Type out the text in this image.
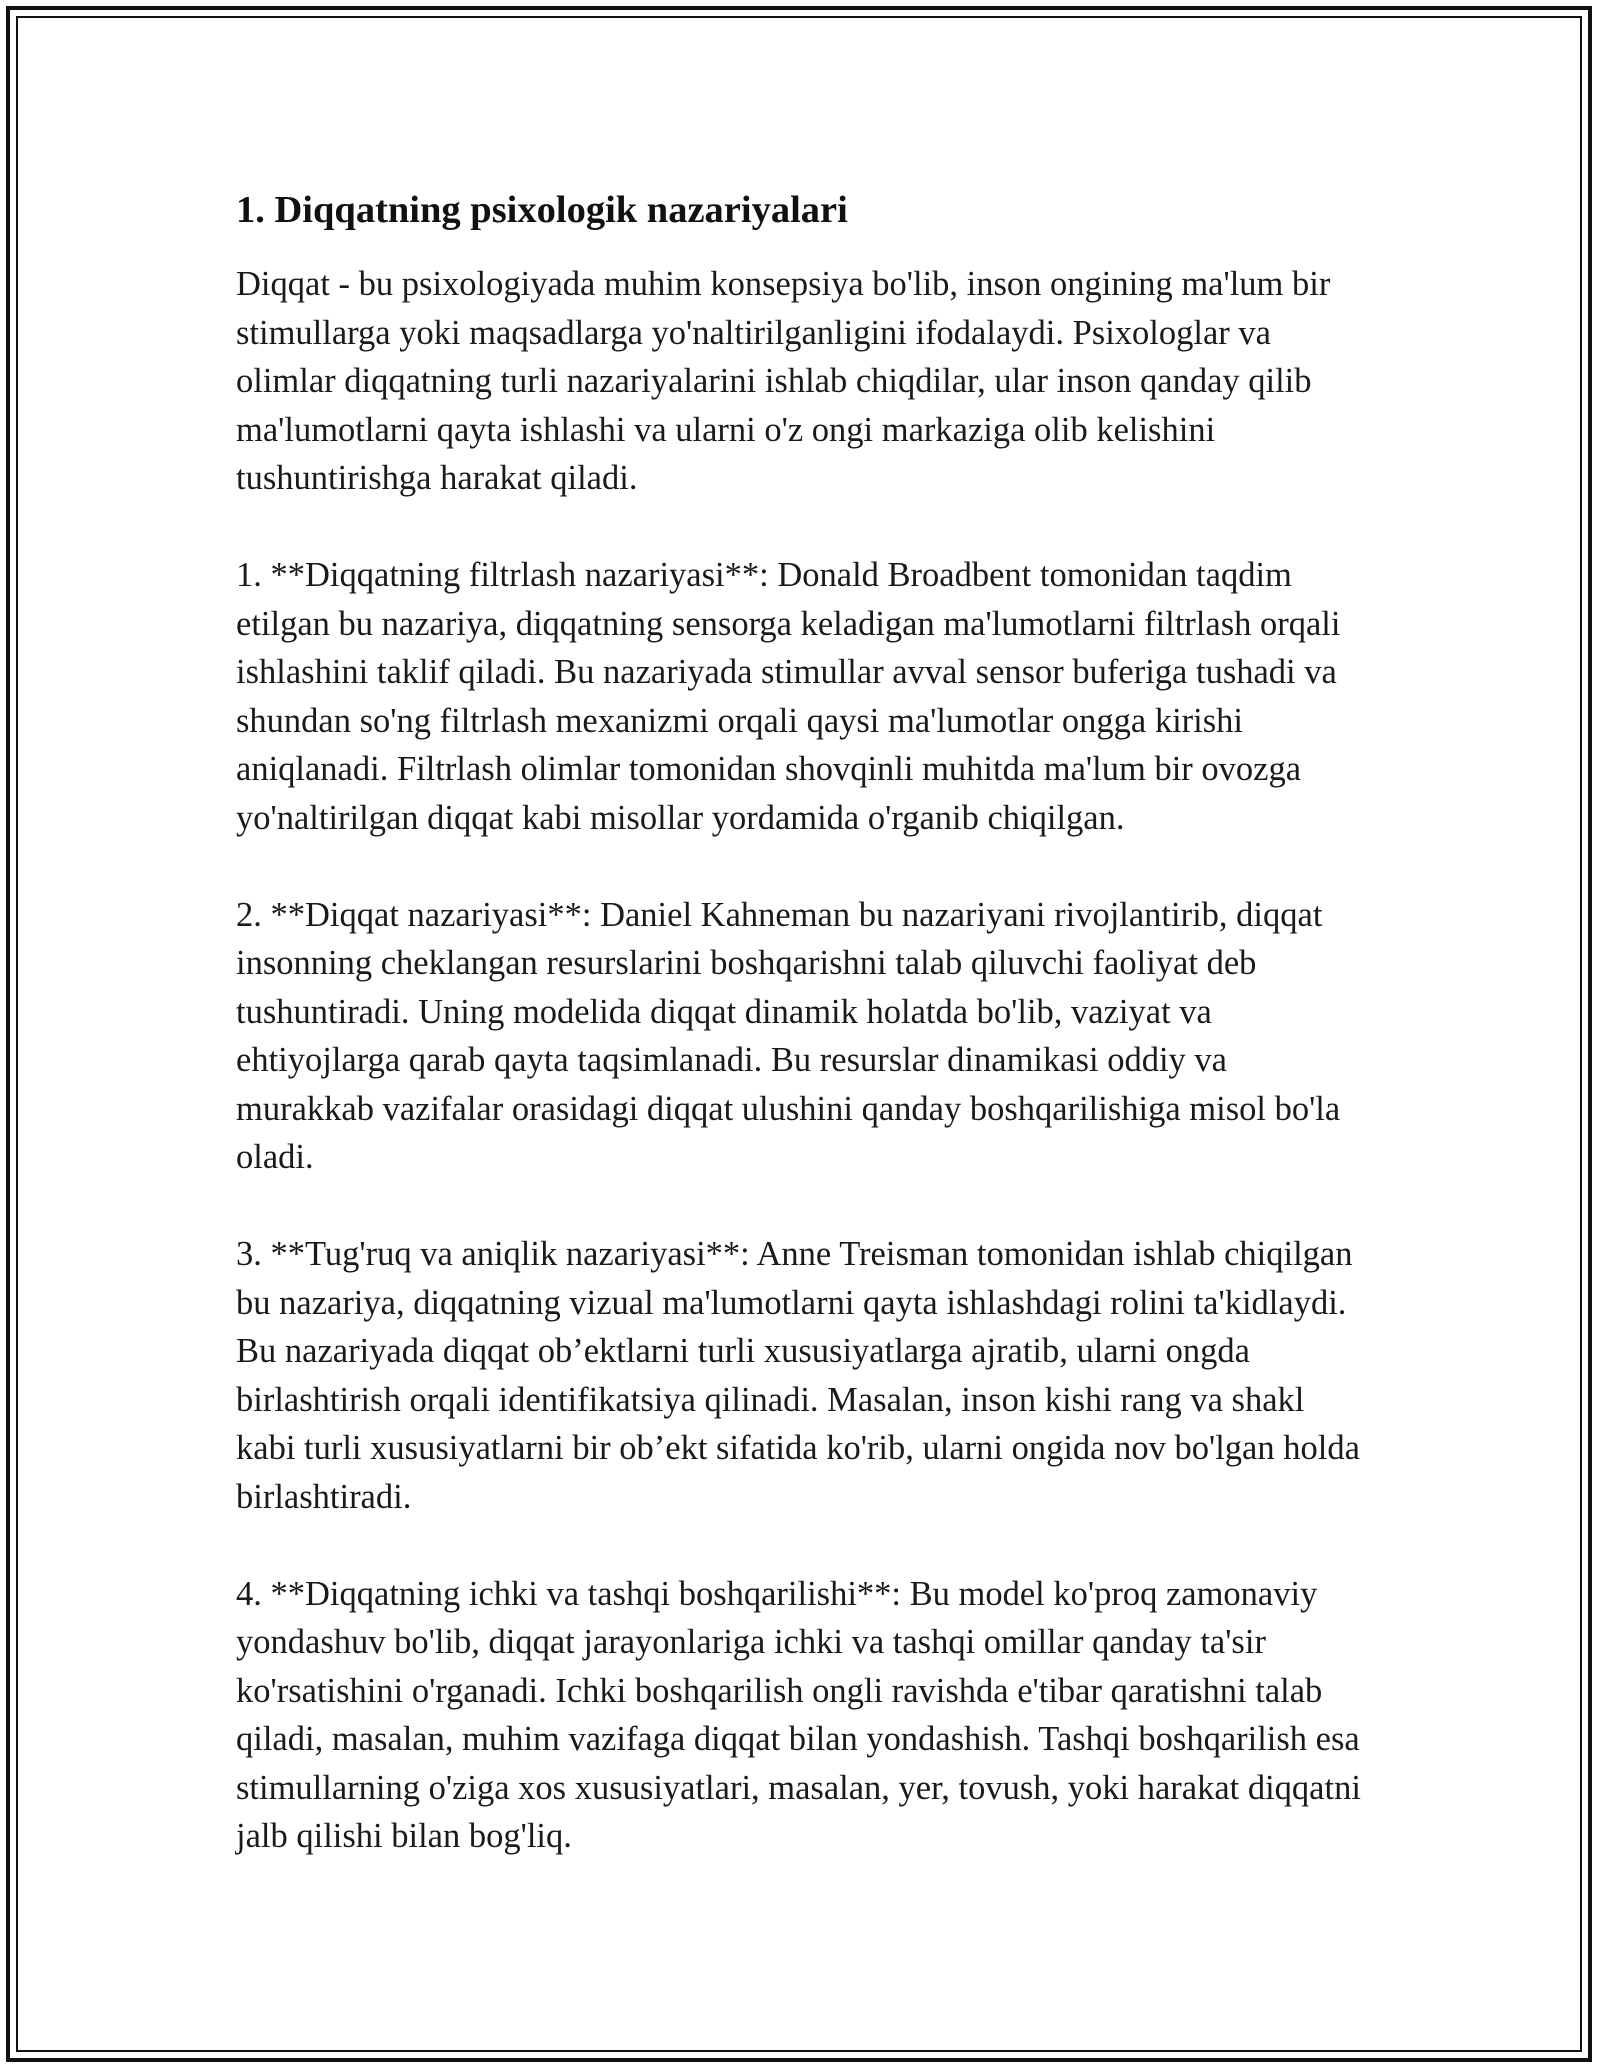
1. Diqqatning psixologik nazariyalari

Diqqat - bu psixologiyada muhim konsepsiya bo'lib, inson ongining ma'lum bir stimullarga yoki maqsadlarga yo'naltirilganligini ifodalaydi. Psixologlar va olimlar diqqatning turli nazariyalarini ishlab chiqdilar, ular inson qanday qilib ma'lumotlarni qayta ishlashi va ularni o'z ongi markaziga olib kelishini tushuntirishga harakat qiladi.

1. **Diqqatning filtrlash nazariyasi**: Donald Broadbent tomonidan taqdim etilgan bu nazariya, diqqatning sensorga keladigan ma'lumotlarni filtrlash orqali ishlashini taklif qiladi. Bu nazariyada stimullar avval sensor buferiga tushadi va shundan so'ng filtrlash mexanizmi orqali qaysi ma'lumotlar ongga kirishi aniqlanadi. Filtrlash olimlar tomonidan shovqinli muhitda ma'lum bir ovozga yo'naltirilgan diqqat kabi misollar yordamida o'rganib chiqilgan.

2. **Diqqat nazariyasi**: Daniel Kahneman bu nazariyani rivojlantirib, diqqat insonning cheklangan resurslarini boshqarishni talab qiluvchi faoliyat deb tushuntiradi. Uning modelida diqqat dinamik holatda bo'lib, vaziyat va ehtiyojlarga qarab qayta taqsimlanadi. Bu resurslar dinamikasi oddiy va murakkab vazifalar orasidagi diqqat ulushini qanday boshqarilishiga misol bo'la oladi.

3. **Tug'ruq va aniqlik nazariyasi**: Anne Treisman tomonidan ishlab chiqilgan bu nazariya, diqqatning vizual ma'lumotlarni qayta ishlashdagi rolini ta'kidlaydi. Bu nazariyada diqqat ob’ektlarni turli xususiyatlarga ajratib, ularni ongda birlashtirish orqali identifikatsiya qilinadi. Masalan, inson kishi rang va shakl kabi turli xususiyatlarni bir ob’ekt sifatida ko'rib, ularni ongida nov bo'lgan holda birlashtiradi.

4. **Diqqatning ichki va tashqi boshqarilishi**: Bu model ko'proq zamonaviy yondashuv bo'lib, diqqat jarayonlariga ichki va tashqi omillar qanday ta'sir ko'rsatishini o'rganadi. Ichki boshqarilish ongli ravishda e'tibar qaratishni talab qiladi, masalan, muhim vazifaga diqqat bilan yondashish. Tashqi boshqarilish esa stimullarning o'ziga xos xususiyatlari, masalan, yer, tovush, yoki harakat diqqatni jalb qilishi bilan bog'liq.
